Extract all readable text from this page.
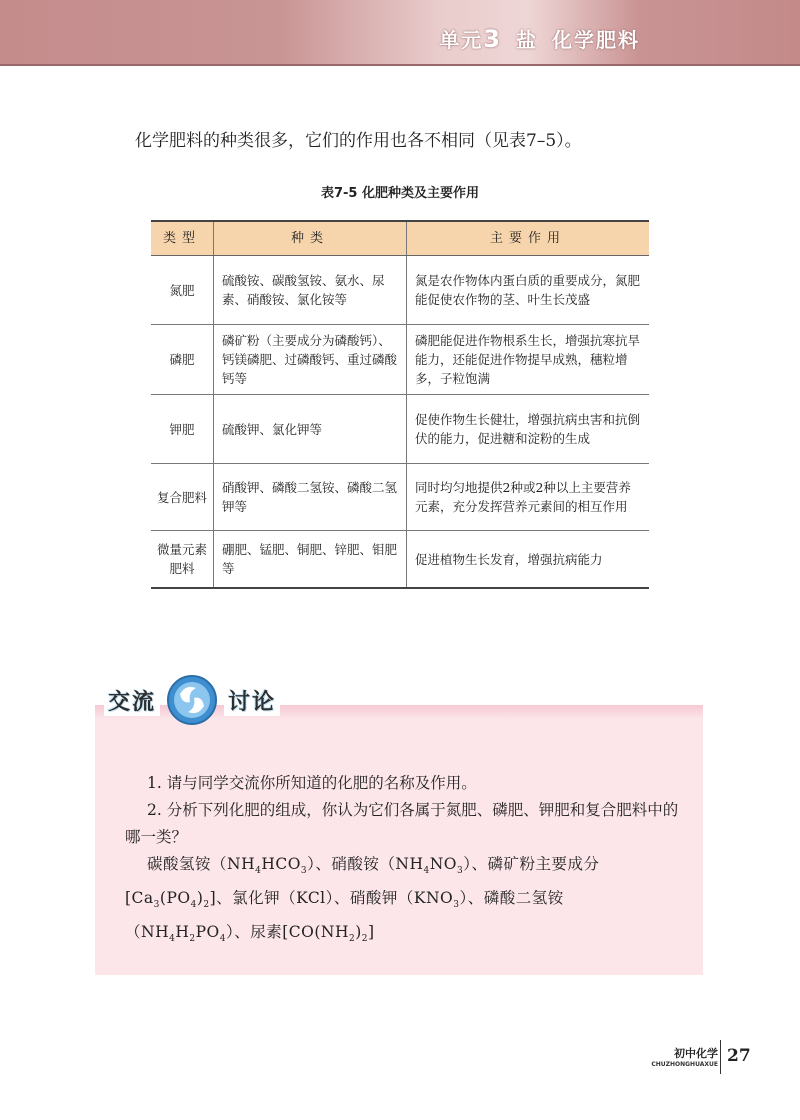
单元3 盐 化学肥料
化学肥料的种类很多，它们的作用也各不相同（见表7–5）。
表7-5 化肥种类及主要作用
类型	种类	主要作用
氮肥	硫酸铵、碳酸氢铵、氨水、尿素、硝酸铵、氯化铵等	氮是农作物体内蛋白质的重要成分，氮肥能促使农作物的茎、叶生长茂盛
磷肥	磷矿粉（主要成分为磷酸钙）、钙镁磷肥、过磷酸钙、重过磷酸钙等	磷肥能促进作物根系生长，增强抗寒抗旱能力，还能促进作物提早成熟，穗粒增多，子粒饱满
钾肥	硫酸钾、氯化钾等	促使作物生长健壮，增强抗病虫害和抗倒伏的能力，促进糖和淀粉的生成
复合肥料	硝酸钾、磷酸二氢铵、磷酸二氢钾等	同时均匀地提供2种或2种以上主要营养元素，充分发挥营养元素间的相互作用
微量元素肥料	硼肥、锰肥、铜肥、锌肥、钼肥等	促进植物生长发育，增强抗病能力
交流	讨论
1. 请与同学交流你所知道的化肥的名称及作用。
2. 分析下列化肥的组成，你认为它们各属于氮肥、磷肥、钾肥和复合肥料中的哪一类？
碳酸氢铵$(NH_4HCO_3)$、硝酸铵$(NH_4NO_3)$、磷矿粉主要成分$[Ca_3(PO_4)_2]$、氯化钾（KCl）、硝酸钾$(KNO_3)$、磷酸二氢铵$(NH_4H_2PO_4)$、尿素$[CO(NH_2)_2]$
初中化学
CHUZHONGHUAXUE 27
